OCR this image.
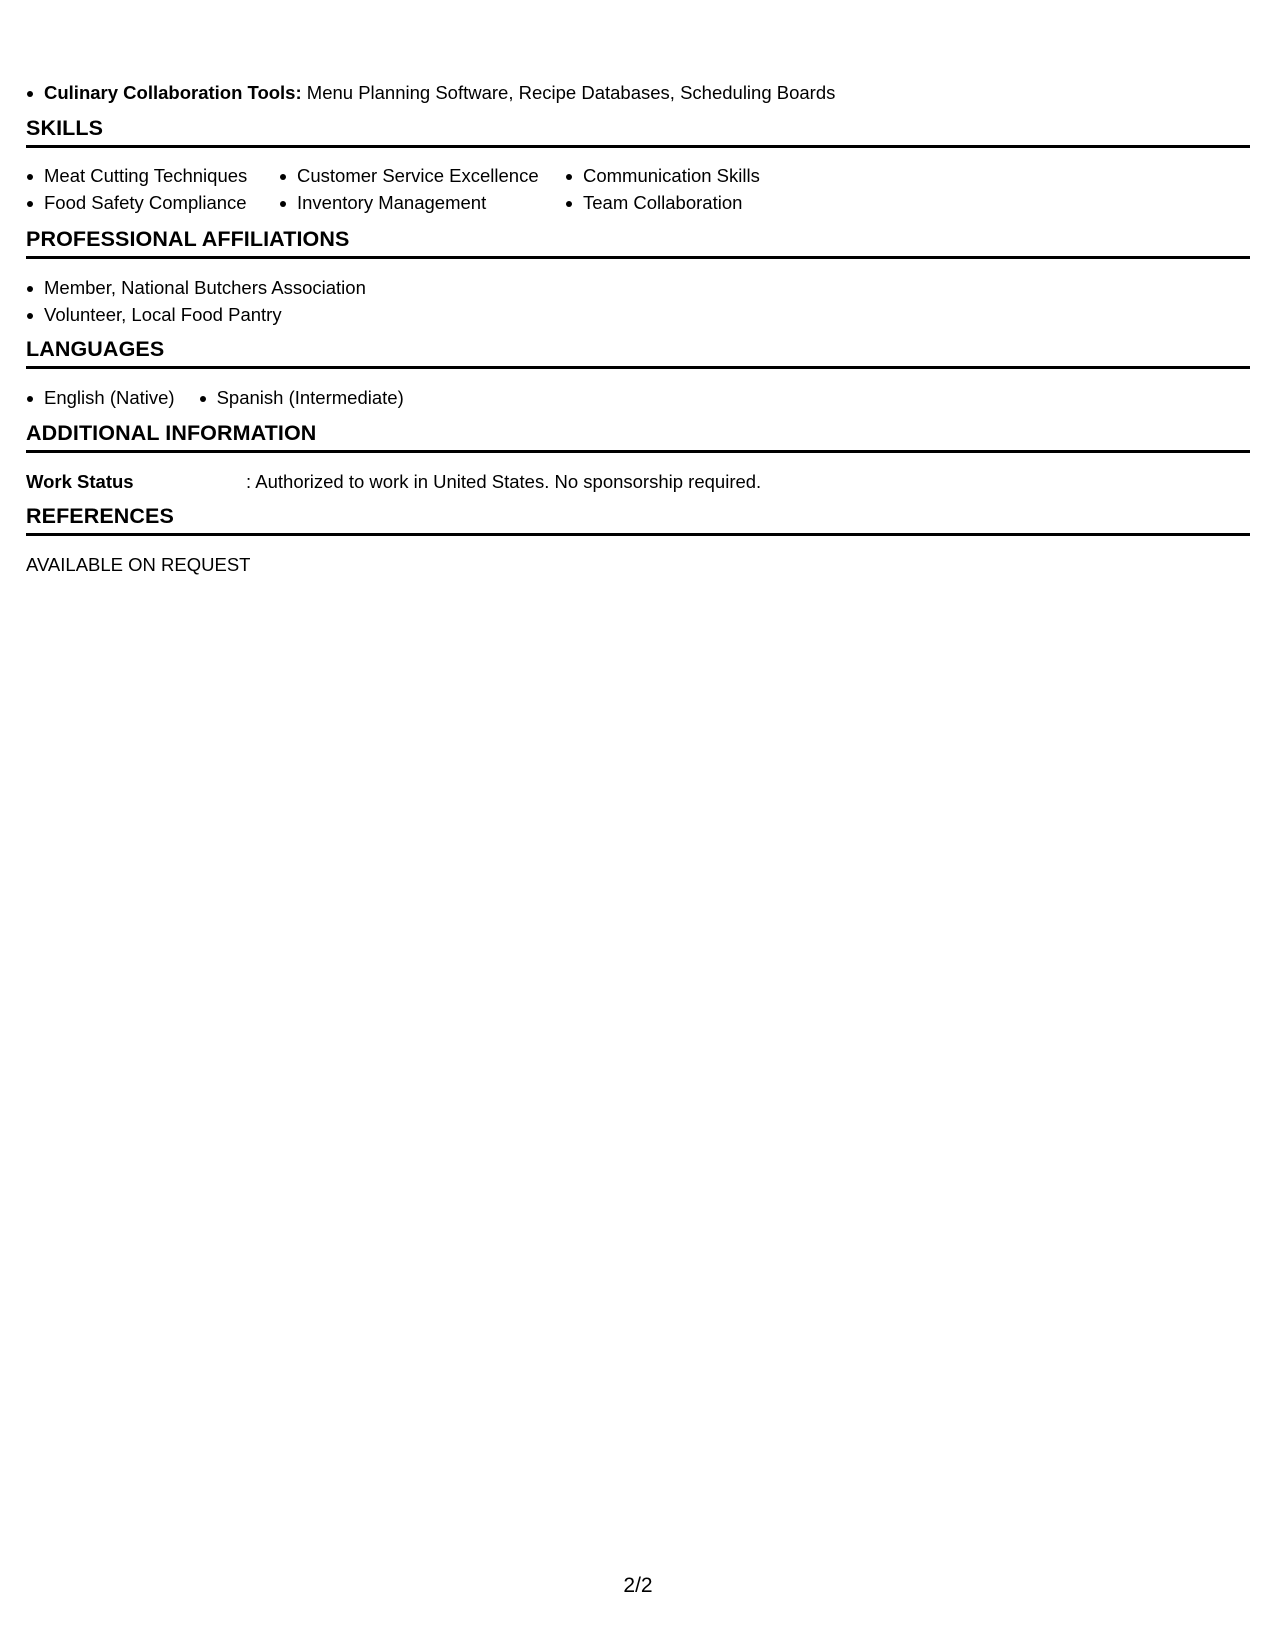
Culinary Collaboration Tools: Menu Planning Software, Recipe Databases, Scheduling Boards
SKILLS
Meat Cutting Techniques
Food Safety Compliance
Customer Service Excellence
Inventory Management
Communication Skills
Team Collaboration
PROFESSIONAL AFFILIATIONS
Member, National Butchers Association
Volunteer, Local Food Pantry
LANGUAGES
English (Native)	Spanish (Intermediate)
ADDITIONAL INFORMATION
Work Status	: Authorized to work in United States. No sponsorship required.
REFERENCES
AVAILABLE ON REQUEST
2/2
